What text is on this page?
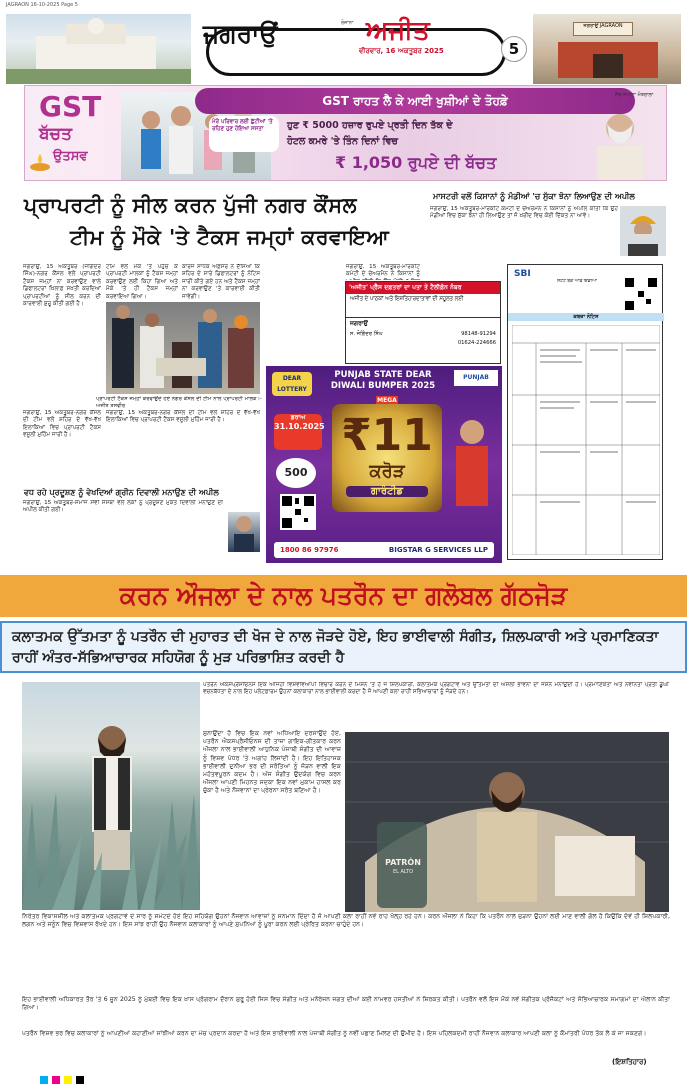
JAGRAON 16-10-2025 Page 5
ਜਗਰਾਉਂ	ਰੋਜ਼ਾਨਾ ਅਜੀਤ
ਵੀਰਵਾਰ, 16 ਅਕਤੂਬਰ 2025	5
ਜਗਰਾਉਂ JAGRAON
GST
ਬੱਚਤ
ਉਤਸਵ
ਮੇਰੇ ਪਰਿਵਾਰ ਲਈ ਛੁੱਟੀਆਂ 'ਤੇ ਰਹਿਣ ਹੁਣ ਹੋਇਆ ਸਸਤਾ
GST ਰਾਹਤ ਲੈ ਕੇ ਆਈ ਖੁਸ਼ੀਆਂ ਦੇ ਤੋਹਫ਼ੇ
ਹੁਣ ₹ 5000 ਹਜ਼ਾਰ ਰੁਪਏ ਪ੍ਰਤੀ ਦਿਨ ਤੱਕ ਦੇ
ਹੋਟਲ ਕਮਰੇ 'ਤੇ ਤਿੰਨ ਦਿਨਾਂ ਵਿਚ
₹ 1,050 ਰੁਪਏ ਦੀ ਬੱਚਤ
ਸੈਰ-ਸਪਾਟਾ ਮੰਤਰਾਲਾ
ਪ੍ਰਾਪਰਟੀ ਨੂੰ ਸੀਲ ਕਰਨ ਪੁੱਜੀ ਨਗਰ ਕੌਂਸਲ
ਟੀਮ ਨੂੰ ਮੌਕੇ 'ਤੇ ਟੈਕਸ ਜਮ੍ਹਾਂ ਕਰਵਾਇਆ
ਜਗਰਾਉਂ, 15 ਅਕਤੂਬਰ (ਜੋਗਿੰਦਰ ਸਿੰਘ)-ਨਗਰ ਕੌਂਸਲ ਵਲੋਂ ਪ੍ਰਾਪਰਟੀ ਟੈਕਸ ਜਮ੍ਹਾਂ ਨਾ ਕਰਵਾਉਣ ਵਾਲੇ ਡਿਫਾਲਟਰਾਂ ਖ਼ਿਲਾਫ਼ ਸਖ਼ਤੀ ਕਰਦਿਆਂ ਪ੍ਰਾਪਰਟੀਆਂ ਨੂੰ ਸੀਲ ਕਰਨ ਦੀ ਕਾਰਵਾਈ ਸ਼ੁਰੂ ਕੀਤੀ ਗਈ ਹੈ।
ਟੀਮ ਵਲੋਂ ਮੌਕੇ 'ਤੇ ਪਹੁੰਚ ਕੇ ਪ੍ਰਾਪਰਟੀ ਮਾਲਕਾਂ ਨੂੰ ਟੈਕਸ ਜਮ੍ਹਾਂ ਕਰਵਾਉਣ ਲਈ ਕਿਹਾ ਗਿਆ ਅਤੇ ਮੌਕੇ 'ਤੇ ਹੀ ਟੈਕਸ ਜਮ੍ਹਾਂ ਕਰਵਾਇਆ ਗਿਆ।
ਕਾਰਜ ਸਾਧਕ ਅਫ਼ਸਰ ਨੇ ਦੱਸਿਆ ਕਿ ਸ਼ਹਿਰ ਦੇ ਸਾਰੇ ਡਿਫਾਲਟਰਾਂ ਨੂੰ ਨੋਟਿਸ ਜਾਰੀ ਕੀਤੇ ਗਏ ਹਨ ਅਤੇ ਟੈਕਸ ਜਮ੍ਹਾਂ ਨਾ ਕਰਵਾਉਣ 'ਤੇ ਕਾਰਵਾਈ ਕੀਤੀ ਜਾਵੇਗੀ।
ਪ੍ਰਾਪਰਟੀ ਟੈਕਸ ਜਮ੍ਹਾਂ ਕਰਵਾਉਂਦੇ ਹੋਏ ਨਗਰ ਕੌਂਸਲ ਦੀ ਟੀਮ ਨਾਲ ਪ੍ਰਾਪਰਟੀ ਮਾਲਕ।-ਅਜੀਤ ਤਸਵੀਰ
ਜਗਰਾਉਂ, 15 ਅਕਤੂਬਰ-ਨਗਰ ਕੌਂਸਲ ਦੀ ਟੀਮ ਵਲੋਂ ਸ਼ਹਿਰ ਦੇ ਵੱਖ-ਵੱਖ ਇਲਾਕਿਆਂ ਵਿਚ ਪ੍ਰਾਪਰਟੀ ਟੈਕਸ ਵਸੂਲੀ ਮੁਹਿੰਮ ਜਾਰੀ ਹੈ।
ਜਗਰਾਉਂ, 15 ਅਕਤੂਬਰ-ਨਗਰ ਕੌਂਸਲ ਦੀ ਟੀਮ ਵਲੋਂ ਸ਼ਹਿਰ ਦੇ ਵੱਖ-ਵੱਖ ਇਲਾਕਿਆਂ ਵਿਚ ਪ੍ਰਾਪਰਟੀ ਟੈਕਸ ਵਸੂਲੀ ਮੁਹਿੰਮ ਜਾਰੀ ਹੈ।
ਵਧ ਰਹੇ ਪ੍ਰਦੂਸ਼ਣ ਨੂੰ ਵੇਖਦਿਆਂ ਗ੍ਰੀਨ ਦਿਵਾਲੀ ਮਨਾਉਣ ਦੀ ਅਪੀਲ
ਜਗਰਾਉਂ, 15 ਅਕਤੂਬਰ-ਸਮਾਜ ਸੇਵੀ ਸੰਸਥਾ ਵਲੋਂ ਲੋਕਾਂ ਨੂੰ ਪ੍ਰਦੂਸ਼ਣ ਮੁਕਤ ਦਿਵਾਲੀ ਮਨਾਉਣ ਦੀ ਅਪੀਲ ਕੀਤੀ ਗਈ।
ਮਾਸਟਰੀ ਵਲੋਂ ਕਿਸਾਨਾਂ ਨੂੰ ਮੰਡੀਆਂ 'ਚ ਸੁੱਕਾ ਝੋਨਾ ਲਿਆਉਣ ਦੀ ਅਪੀਲ
ਜਗਰਾਉਂ, 15 ਅਕਤੂਬਰ-ਮਾਰਕੀਟ ਕਮੇਟੀ ਦੇ ਚੇਅਰਮੈਨ ਨੇ ਕਿਸਾਨਾਂ ਨੂੰ ਅਪੀਲ ਕੀਤੀ ਕਿ ਉਹ ਮੰਡੀਆਂ ਵਿਚ ਸੁੱਕਾ ਝੋਨਾ ਹੀ ਲਿਆਉਣ ਤਾਂ ਜੋ ਖ਼ਰੀਦ ਵਿਚ ਕੋਈ ਦਿੱਕਤ ਨਾ ਆਵੇ।
ਜਗਰਾਉਂ, 15 ਅਕਤੂਬਰ-ਮਾਰਕੀਟ ਕਮੇਟੀ ਦੇ ਚੇਅਰਮੈਨ ਨੇ ਕਿਸਾਨਾਂ ਨੂੰ
'ਅਜੀਤ' ਪ੍ਰੈੱਸ ਦਫ਼ਤਰਾਂ ਦਾ ਪਤਾ ਤੇ ਟੈਲੀਫ਼ੋਨ ਨੰਬਰ
ਅਜੀਤ ਦੇ ਪਾਠਕਾਂ ਅਤੇ ਇਸ਼ਤਿਹਾਰਦਾਤਾਵਾਂ ਦੀ ਸਹੂਲਤ ਲਈ
ਜਗਰਾਉਂ
ਸ. ਜੋਗਿੰਦਰ ਸਿੰਘ	98148-91294
01624-224666
DEAR LOTTERY
PUNJAB STATE DEAR DIWALI BUMPER 2025
PUNJAB
MEGA
ਡਰਾਅ
31.10.2025 ₹11
ਕਰੋੜ
ਗਾਰੰਟੀਡ
500
1800 86 97976	BIGSTAR G SERVICES LLP
SBI
ਸਟੇਟ ਬੈਂਕ ਆਫ਼ ਇੰਡੀਆ
ਕਬਜ਼ਾ ਨੋਟਿਸ
ਕਰਨ ਔਜਲਾ ਦੇ ਨਾਲ ਪਤਰੌਨ ਦਾ ਗਲੋਬਲ ਗੱਠਜੋੜ
ਕਲਾਤਮਕ ਉੱਤਮਤਾ ਨੂੰ ਪਤਰੌਨ ਦੀ ਮੁਹਾਰਤ ਦੀ ਖੋਜ ਦੇ ਨਾਲ ਜੋੜਦੇ ਹੋਏ, ਇਹ ਭਾਈਵਾਲੀ ਸੰਗੀਤ, ਸ਼ਿਲਪਕਾਰੀ ਅਤੇ ਪ੍ਰਮਾਣਿਕਤਾ ਰਾਹੀਂ ਅੰਤਰ-ਸੱਭਿਆਚਾਰਕ ਸਹਿਯੋਗ ਨੂੰ ਮੁੜ ਪਰਿਭਾਸ਼ਿਤ ਕਰਦੀ ਹੈ
ਪਤਰੌਨ ਐਕਸਪ੍ਰੈਸੀਓਨਸ ਇਕ ਅਜਿਹੀ ਵਿਸ਼ਵਵਿਆਪੀ ਵਿਚਾਰ ਕਰਨ ਦੇ ਮਿਸ਼ਨ 'ਤੇ ਹੈ ਜੋ ਸ਼ਿਲਪਕਾਰੀ, ਕਲਾਤਮਕ ਪ੍ਰਗਟਾਵੇ ਅਤੇ ਉੱਤਮਤਾ ਦੀ ਅਸਲੀ ਭਾਵਨਾ ਦਾ ਜਸ਼ਨ ਮਨਾਉਂਦੀ ਹੈ। ਪ੍ਰਮਾਣਿਕਤਾ ਅਤੇ ਨਵੀਨਤਾ ਪ੍ਰਤੀ ਡੂੰਘੀ ਵਚਨਬੱਧਤਾ ਦੇ ਨਾਲ ਇਹ ਪਲੇਟਫ਼ਾਰਮ ਉਹਨਾਂ ਕਲਾਕਾਰਾਂ ਨਾਲ ਭਾਈਵਾਲੀ ਕਰਦਾ ਹੈ ਜੋ ਆਪਣੀ ਕਲਾ ਰਾਹੀਂ ਸਭਿਆਚਾਰਾਂ ਨੂੰ ਜੋੜਦੇ ਹਨ।
ਸੁਨਾਉਂਦਾ ਹੈ ਵਿਚ ਇਕ ਨਵਾਂ ਅਧਿਆਇ ਦਰਸਾਉਂਦੇ ਹੋਏ, ਪਤਰੌਨ ਐਕਸਪ੍ਰੈਸੀਓਨਸ ਦੀ ਤਾਜ਼ਾ ਗਾਇਕ-ਗੀਤਕਾਰ ਕਰਨ ਔਜਲਾ ਨਾਲ ਭਾਈਵਾਲੀ ਆਧੁਨਿਕ ਪੰਜਾਬੀ ਸੰਗੀਤ ਦੀ ਆਵਾਜ਼ ਨੂੰ ਵਿਸ਼ਵ ਪੱਧਰ 'ਤੇ ਅਗਾਂਹ ਲਿਜਾਂਦੀ ਹੈ। ਇਹ ਇਤਿਹਾਸਕ ਭਾਈਵਾਲੀ ਦੁਨੀਆ ਭਰ ਦੀ ਸਰੋਤਿਆਂ ਨੂੰ ਜੋੜਨ ਵਾਲੀ ਇਕ ਮਹੱਤਵਪੂਰਨ ਕਦਮ ਹੈ। ਅੱਜ ਸੰਗੀਤ ਉਦਯੋਗ ਵਿਚ ਕਰਨ ਔਜਲਾ ਆਪਣੀ ਮਿਹਨਤ ਸਦਕਾ ਇਕ ਨਵਾਂ ਮੁਕਾਮ ਹਾਸਲ ਕਰ ਚੁੱਕਾ ਹੈ ਅਤੇ ਨੌਜਵਾਨਾਂ ਦਾ ਪ੍ਰੇਰਨਾ ਸਰੋਤ ਬਣਿਆ ਹੈ।
PATRÓN
EL ALTO
ਨਿਰੰਤਰ ਵਿਕਾਸਸ਼ੀਲ ਅਤੇ ਕਲਾਤਮਕ ਪ੍ਰਗਟਾਵੇ ਦੇ ਸਾਰ ਨੂੰ ਸਮੇਟਦੇ ਹੋਏ ਇਹ ਸਹਿਯੋਗ ਉਹਨਾਂ ਨੌਜਵਾਨ ਆਵਾਜ਼ਾਂ ਨੂੰ ਸਨਮਾਨ ਦਿੰਦਾ ਹੈ ਜੋ ਆਪਣੀ ਕਲਾ ਰਾਹੀਂ ਨਵੇਂ ਰਾਹ ਖੋਲ੍ਹ ਰਹੇ ਹਨ। ਕਰਨ ਔਜਲਾ ਨੇ ਕਿਹਾ ਕਿ ਪਤਰੌਨ ਨਾਲ ਜੁੜਨਾ ਉਹਨਾਂ ਲਈ ਮਾਣ ਵਾਲੀ ਗੱਲ ਹੈ ਕਿਉਂਕਿ ਦੋਵੇਂ ਹੀ ਸ਼ਿਲਪਕਾਰੀ, ਲਗਨ ਅਤੇ ਜਨੂੰਨ ਵਿਚ ਵਿਸ਼ਵਾਸ ਰੱਖਦੇ ਹਨ। ਇਸ ਸਾਂਝ ਰਾਹੀਂ ਉਹ ਨੌਜਵਾਨ ਕਲਾਕਾਰਾਂ ਨੂੰ ਆਪਣੇ ਸੁਪਨਿਆਂ ਨੂੰ ਪੂਰਾ ਕਰਨ ਲਈ ਪ੍ਰੇਰਿਤ ਕਰਨਾ ਚਾਹੁੰਦੇ ਹਨ।
ਇਹ ਭਾਈਵਾਲੀ ਅਧਿਕਾਰਤ ਤੌਰ 'ਤੇ 6 ਜੂਨ 2025 ਨੂੰ ਮੁੰਬਈ ਵਿਚ ਇਕ ਖ਼ਾਸ ਪ੍ਰੋਗਰਾਮ ਦੌਰਾਨ ਸ਼ੁਰੂ ਹੋਈ ਜਿਸ ਵਿਚ ਸੰਗੀਤ ਅਤੇ ਮਨੋਰੰਜਨ ਜਗਤ ਦੀਆਂ ਕਈ ਨਾਮਵਰ ਹਸਤੀਆਂ ਨੇ ਸ਼ਿਰਕਤ ਕੀਤੀ। ਪਤਰੌਨ ਵਲੋਂ ਇਸ ਮੌਕੇ ਨਵੇਂ ਸੰਗੀਤਕ ਪ੍ਰੋਜੈਕਟਾਂ ਅਤੇ ਸੱਭਿਆਚਾਰਕ ਸਮਾਗਮਾਂ ਦਾ ਐਲਾਨ ਕੀਤਾ ਗਿਆ।
ਪਤਰੌਨ ਵਿਸ਼ਵ ਭਰ ਵਿਚ ਕਲਾਕਾਰਾਂ ਨੂੰ ਆਪਣੀਆਂ ਕਹਾਣੀਆਂ ਸਾਂਝੀਆਂ ਕਰਨ ਦਾ ਮੰਚ ਪ੍ਰਦਾਨ ਕਰਦਾ ਹੈ ਅਤੇ ਇਸ ਭਾਈਵਾਲੀ ਨਾਲ ਪੰਜਾਬੀ ਸੰਗੀਤ ਨੂੰ ਨਵੀਂ ਪਛਾਣ ਮਿਲਣ ਦੀ ਉਮੀਦ ਹੈ। ਇਸ ਪਹਿਲਕਦਮੀ ਰਾਹੀਂ ਨੌਜਵਾਨ ਕਲਾਕਾਰ ਆਪਣੀ ਕਲਾ ਨੂੰ ਕੌਮਾਂਤਰੀ ਪੱਧਰ ਤੱਕ ਲੈ ਕੇ ਜਾ ਸਕਣਗੇ।
(ਇਸ਼ਤਿਹਾਰ)
